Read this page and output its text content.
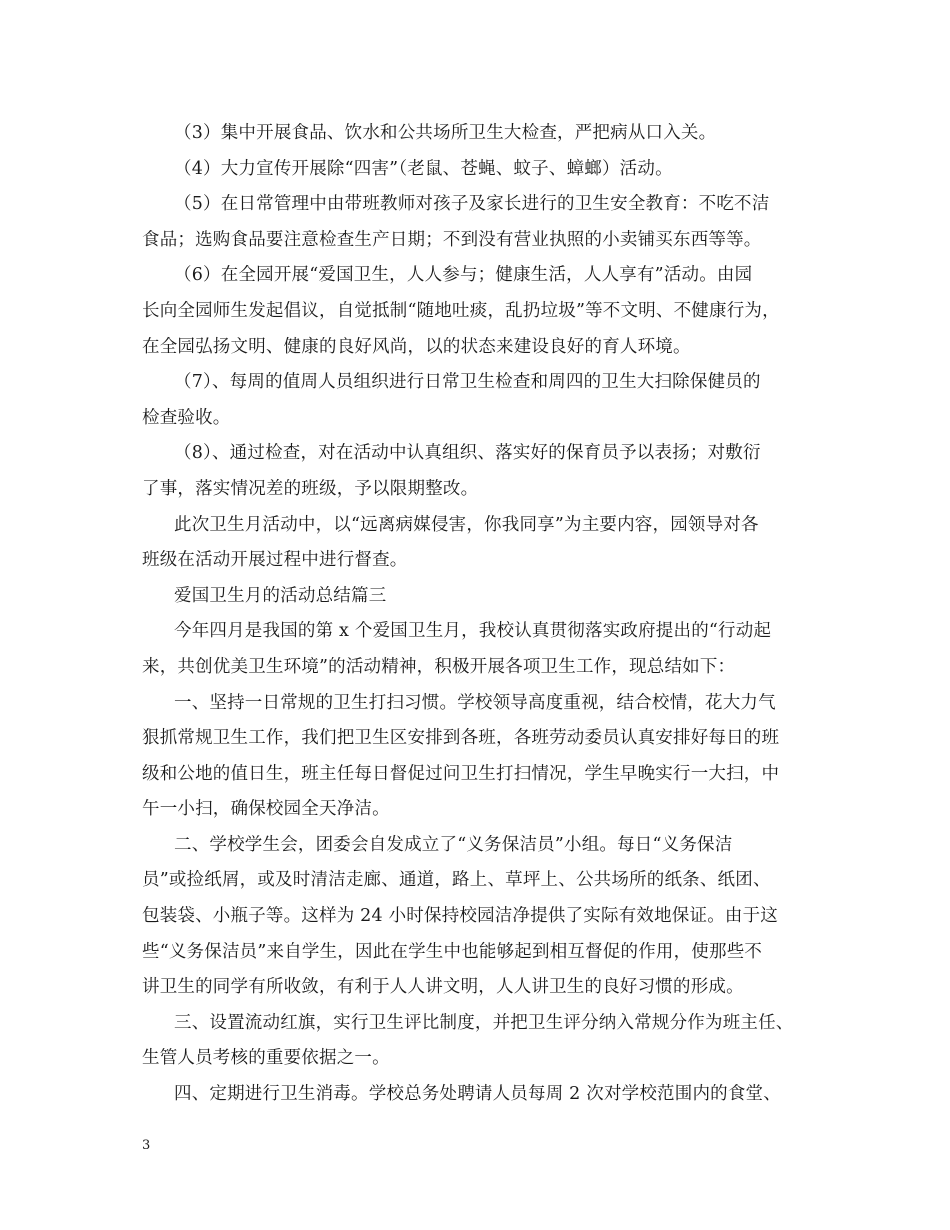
（3）集中开展食品、饮水和公共场所卫生大检查，严把病从口入关。
（4）大力宣传开展除“四害”（老鼠、苍蝇、蚊子、蟑螂）活动。
（5）在日常管理中由带班教师对孩子及家长进行的卫生安全教育：不吃不洁
食品；选购食品要注意检查生产日期；不到没有营业执照的小卖铺买东西等等。
（6）在全园开展“爱国卫生，人人参与；健康生活，人人享有”活动。由园
长向全园师生发起倡议，自觉抵制“随地吐痰，乱扔垃圾”等不文明、不健康行为，
在全园弘扬文明、健康的良好风尚，以的状态来建设良好的育人环境。
（7）、每周的值周人员组织进行日常卫生检查和周四的卫生大扫除保健员的
检查验收。
（8）、通过检查，对在活动中认真组织、落实好的保育员予以表扬；对敷衍
了事，落实情况差的班级，予以限期整改。
此次卫生月活动中，以“远离病媒侵害，你我同享”为主要内容，园领导对各
班级在活动开展过程中进行督查。
爱国卫生月的活动总结篇三
今年四月是我国的第 x 个爱国卫生月，我校认真贯彻落实政府提出的“行动起
来，共创优美卫生环境”的活动精神，积极开展各项卫生工作，现总结如下：
一、坚持一日常规的卫生打扫习惯。学校领导高度重视，结合校情，花大力气
狠抓常规卫生工作，我们把卫生区安排到各班，各班劳动委员认真安排好每日的班
级和公地的值日生，班主任每日督促过问卫生打扫情况，学生早晚实行一大扫，中
午一小扫，确保校园全天净洁。
二、学校学生会，团委会自发成立了“义务保洁员”小组。每日“义务保洁
员”或捡纸屑，或及时清洁走廊、通道，路上、草坪上、公共场所的纸条、纸团、
包装袋、小瓶子等。这样为 24 小时保持校园洁净提供了实际有效地保证。由于这
些“义务保洁员”来自学生，因此在学生中也能够起到相互督促的作用，使那些不
讲卫生的同学有所收敛，有利于人人讲文明，人人讲卫生的良好习惯的形成。
三、设置流动红旗，实行卫生评比制度，并把卫生评分纳入常规分作为班主任、
生管人员考核的重要依据之一。
四、定期进行卫生消毒。学校总务处聘请人员每周 2 次对学校范围内的食堂、
3
